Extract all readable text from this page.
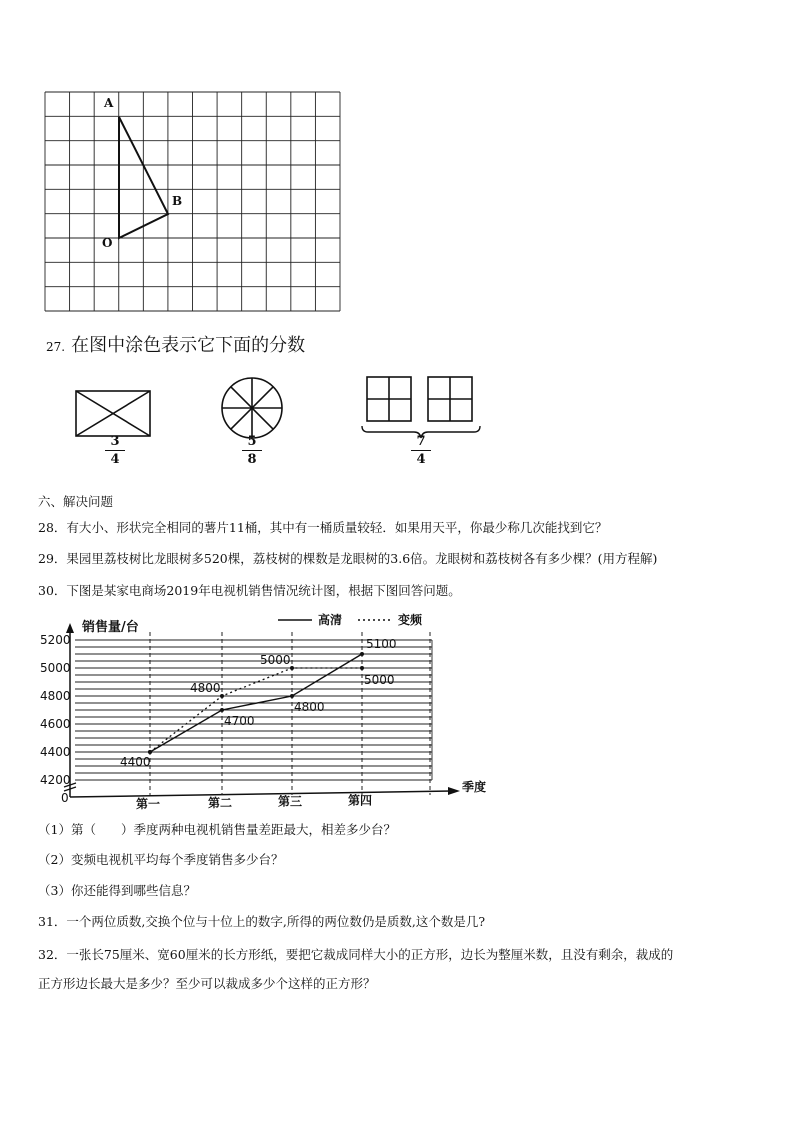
A
B
O
27. 在图中涂色表示它下面的分数
3
4
5
8
7
4
六、解决问题
28．有大小、形状完全相同的薯片11桶，其中有一桶质量较轻．如果用天平，你最少称几次能找到它？
29．果园里荔枝树比龙眼树多520棵，荔枝树的棵数是龙眼树的3.6倍。龙眼树和荔枝树各有多少棵？(用方程解)
30．下图是某家电商场2019年电视机销售情况统计图，根据下图回答问题。
4200
4400
4600
4800
5000
5200
0
销售量/台
季度
第一	第二	第三	第四
高清	变频
4400
4700
4800
5100
4800
5000
5000
（1）第（　　）季度两种电视机销售量差距最大，相差多少台？
（2）变频电视机平均每个季度销售多少台？
（3）你还能得到哪些信息？
31．一个两位质数,交换个位与十位上的数字,所得的两位数仍是质数,这个数是几?
32．一张长75厘米、宽60厘米的长方形纸，要把它裁成同样大小的正方形，边长为整厘米数，且没有剩余，裁成的
正方形边长最大是多少？至少可以裁成多少个这样的正方形？
